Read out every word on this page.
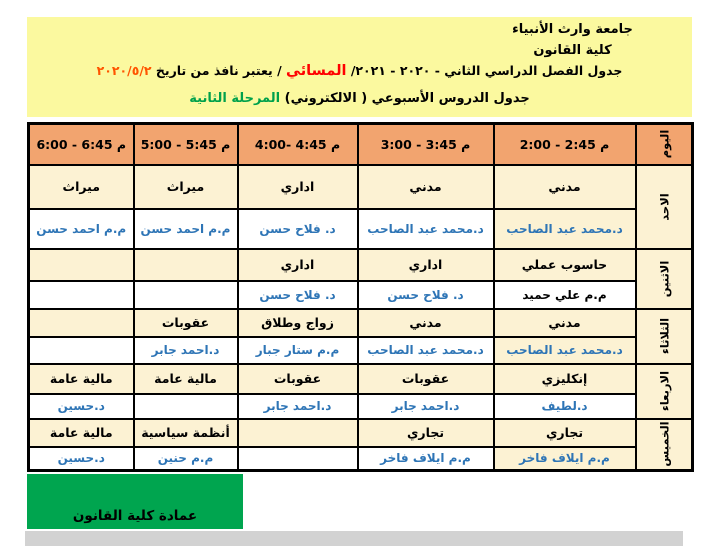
جامعة وارث الأنبياء
كلية القانون
جدول الفصل الدراسي الثاني - ٢٠٢٠ - ٢٠٢١/ المسائي / يعتبر نافذ من تاريخ ٢٠٢٠/٥/٢
جدول الدروس الأسبوعي ( الالكتروني) المرحلة الثانية
اليوم	2:00 - 2:45 م	3:00 - 3:45 م	4:00- 4:45 م	5:00 - 5:45 م	6:00 - 6:45 م

الاحد	مدني	مدني	اداري	ميراث	ميراث
	د.محمد عبد الصاحب	د.محمد عبد الصاحب	د. فلاح حسن	م.م احمد حسن	م.م احمد حسن

الاثنين	حاسوب عملي	اداري	اداري		
	م.م علي حميد	د. فلاح حسن	د. فلاح حسن		

الثلاثاء	مدني	مدني	زواج وطلاق	عقوبات	
	د.محمد عبد الصاحب	د.محمد عبد الصاحب	م.م ستار جبار	د.احمد جابر	

الاربعاء	إنكليزي	عقوبات	عقوبات	مالية عامة	مالية عامة
	د.لطيف	د.احمد جابر	د.احمد جابر		د.حسين

الخميس	تجاري	تجاري		أنظمة سياسية	مالية عامة
	م.م ايلاف فاخر	م.م ايلاف فاخر		م.م حنين	د.حسين
عمادة كلية القانون
